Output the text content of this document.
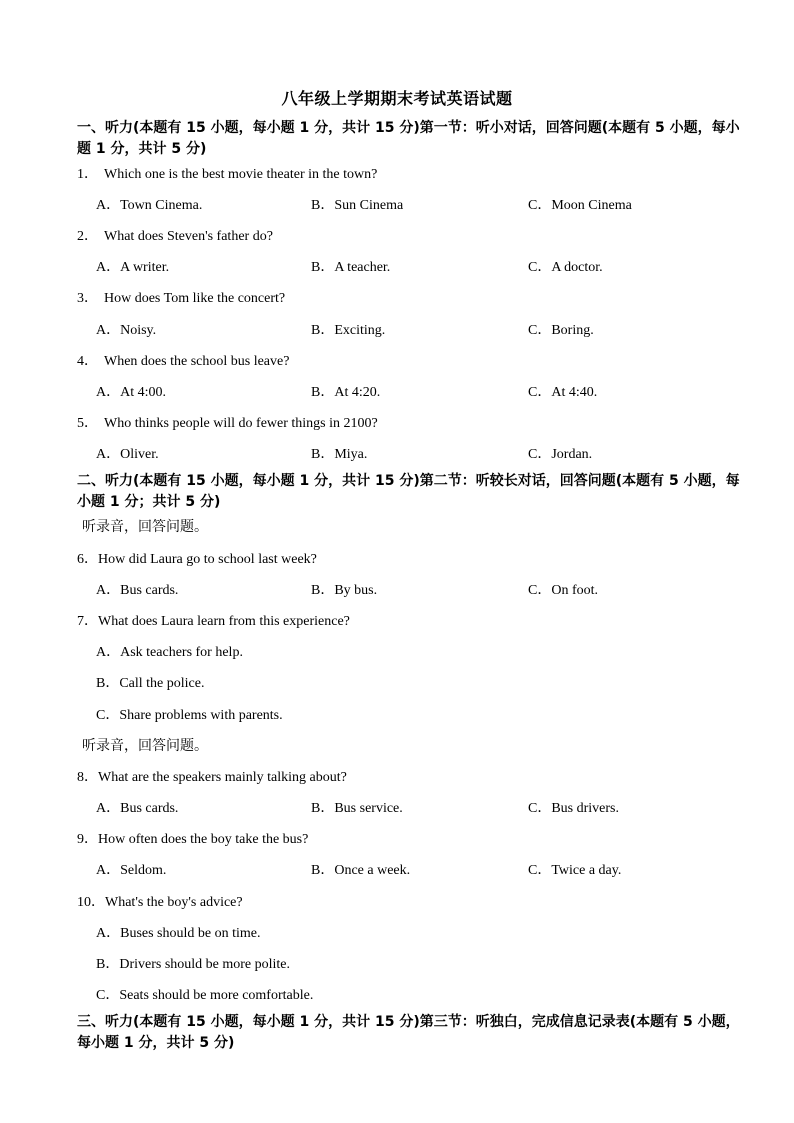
八年级上学期期末考试英语试题
一、听力(本题有 15 小题，每小题 1 分，共计 15 分)第一节：听小对话，回答问题(本题有 5 小题，每小题 1 分，共计 5 分)
1． Which one is the best movie theater in the town?
A．Town Cinema.	B．Sun Cinema	C．Moon Cinema
2． What does Steven's father do?
A．A writer.	B．A teacher.	C．A doctor.
3． How does Tom like the concert?
A．Noisy.	B．Exciting.	C．Boring.
4． When does the school bus leave?
A．At 4:00.	B．At 4:20.	C．At 4:40.
5． Who thinks people will do fewer things in 2100?
A．Oliver.	B．Miya.	C．Jordan.
二、听力(本题有 15 小题，每小题 1 分，共计 15 分)第二节：听较长对话，回答问题(本题有 5 小题，每小题 1 分；共计 5 分)
听录音，回答问题。
6．How did Laura go to school last week?
A．Bus cards.	B．By bus.	C．On foot.
7．What does Laura learn from this experience?
A．Ask teachers for help.
B．Call the police.
C．Share problems with parents.
听录音，回答问题。
8．What are the speakers mainly talking about?
A．Bus cards.	B．Bus service.	C．Bus drivers.
9．How often does the boy take the bus?
A．Seldom.	B．Once a week.	C．Twice a day.
10．What's the boy's advice?
A．Buses should be on time.
B．Drivers should be more polite.
C．Seats should be more comfortable.
三、听力(本题有 15 小题，每小题 1 分，共计 15 分)第三节：听独白，完成信息记录表(本题有 5 小题，每小题 1 分，共计 5 分)
